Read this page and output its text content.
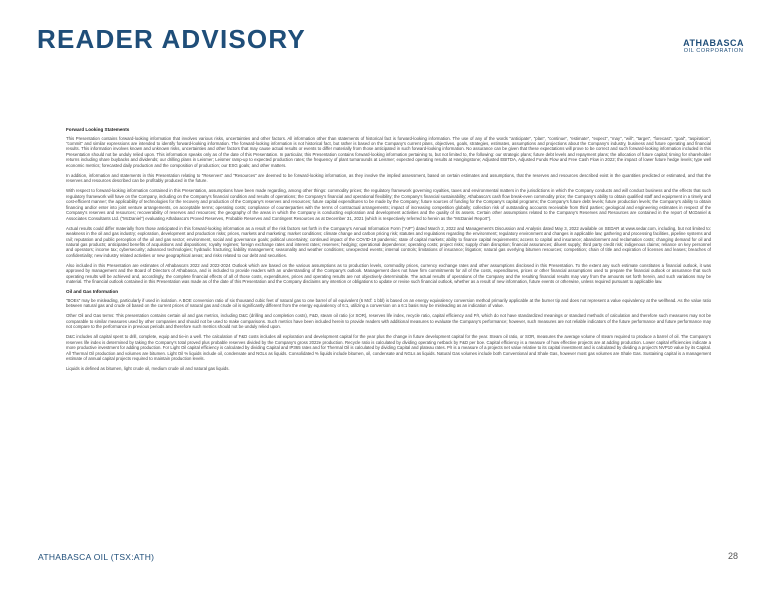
READER ADVISORY	ATHABASCA
OIL CORPORATION
Forward Looking Statements

This Presentation contains forward-looking information that involves various risks, uncertainties and other factors. All information other than statements of historical fact is forward-looking information. The use of any of the words "anticipate", "plan", "continue", "estimate", "expect", "may", "will", "target", "forecast", "goal", "aspiration", "commit" and similar expressions are intended to identify forward-looking information. The forward-looking information is not historical fact, but rather is based on the Company's current plans, objectives, goals, strategies, estimates, assumptions and projections about the Company's industry, business and future operating and financial results. This information involves known and unknown risks, uncertainties and other factors that may cause actual results or events to differ materially from those anticipated in such forward-looking information. No assurance can be given that these expectations will prove to be correct and such forward-looking information included in this Presentation should not be unduly relied upon. This information speaks only as of the date of this Presentation. In particular, this Presentation contains forward-looking information pertaining to, but not limited to, the following: our strategic plans; future debt levels and repayment plans; the allocation of future capital; timing for shareholder returns including share buybacks and dividends; our drilling plans in Leismer; Leismer ramp-up to expected production rates; the frequency of plant turnarounds at Leismer; expected operating results at Hangingstone; Adjusted EBITDA, Adjusted Funds Flow and Free Cash Flow in 2022; the impact of lower future hedge levels; type well economic metrics; forecasted daily production and the composition of production; our ESG goals; and other matters.

In addition, information and statements in this Presentation relating to "Reserves" and "Resources" are deemed to be forward-looking information, as they involve the implied assessment, based on certain estimates and assumptions, that the reserves and resources described exist in the quantities predicted or estimated, and that the reserves and resources described can be profitably produced in the future.

With respect to forward-looking information contained in this Presentation, assumptions have been made regarding, among other things: commodity prices; the regulatory framework governing royalties, taxes and environmental matters in the jurisdictions in which the Company conducts and will conduct business and the effects that such regulatory framework will have on the Company, including on the Company's financial condition and results of operations; the Company's financial and operational flexibility; the Company's financial sustainability; Athabasca's cash flow break-even commodity price; the Company's ability to obtain qualified staff and equipment in a timely and cost-efficient manner; the applicability of technologies for the recovery and production of the Company's reserves and resources; future capital expenditures to be made by the Company; future sources of funding for the Company's capital programs; the Company's future debt levels; future production levels; the Company's ability to obtain financing and/or enter into joint venture arrangements, on acceptable terms; operating costs; compliance of counterparties with the terms of contractual arrangements; impact of increasing competition globally; collection risk of outstanding accounts receivable from third parties; geological and engineering estimates in respect of the Company's reserves and resources; recoverability of reserves and resources; the geography of the areas in which the Company is conducting exploration and development activities and the quality of its assets. Certain other assumptions related to the Company's Reserves and Resources are contained in the report of McDaniel & Associates Consultants Ltd. ("McDaniel") evaluating Athabasca's Proved Reserves, Probable Reserves and Contingent Resources as at December 31, 2021 (which is respectively referred to herein as the "McDaniel Report").

Actual results could differ materially from those anticipated in this forward-looking information as a result of the risk factors set forth in the Company's Annual Information Form ("AIF") dated March 2, 2022 and Management's Discussion and Analysis dated May 3, 2022 available on SEDAR at www.sedar.com, including, but not limited to: weakness in the oil and gas industry; exploration, development and production risks; prices, markets and marketing; market conditions; climate change and carbon pricing risk; statutes and regulations regarding the environment; regulatory environment and changes in applicable law; gathering and processing facilities, pipeline systems and rail; reputation and public perception of the oil and gas sector; environment, social and governance goals; political uncertainty; continued impact of the COVID-19 pandemic; state of capital markets; ability to finance capital requirements; access to capital and insurance; abandonment and reclamation costs; changing demand for oil and natural gas products; anticipated benefits of acquisitions and dispositions; royalty regimes; foreign exchange rates and interest rates; reserves; hedging; operational dependence; operating costs; project risks; supply chain disruption; financial assurances; diluent supply; third party credit risk; indigenous claims; reliance on key personnel and operators; income tax; cybersecurity; advanced technologies; hydraulic fracturing; liability management; seasonality and weather conditions; unexpected events; internal controls; limitations of insurance; litigation; natural gas overlying bitumen resources; competition; chain of title and expiration of licenses and leases; breaches of confidentiality; new industry related activities or new geographical areas; and risks related to our debt and securities.

Also included in this Presentation are estimates of Athabasca's 2022 and 2022-2024 Outlook which are based on the various assumptions as to production levels, commodity prices, currency exchange rates and other assumptions disclosed in this Presentation. To the extent any such estimate constitutes a financial outlook, it was approved by management and the Board of Directors of Athabasca, and is included to provide readers with an understanding of the Company's outlook. Management does not have firm commitments for all of the costs, expenditures, prices or other financial assumptions used to prepare the financial outlook or assurance that such operating results will be achieved and, accordingly, the complete financial effects of all of those costs, expenditures, prices and operating results are not objectively determinable. The actual results of operations of the Company and the resulting financial results may vary from the amounts set forth herein, and such variations may be material. The financial outlook contained in this Presentation was made as of the date of this Presentation and the Company disclaims any intention or obligations to update or revise such financial outlook, whether as a result of new information, future events or otherwise, unless required pursuant to applicable law.

Oil and Gas Information

"BOEs" may be misleading, particularly if used in isolation. A BOE conversion ratio of six thousand cubic feet of natural gas to one barrel of oil equivalent (6 Mcf: 1 bbl) is based on an energy equivalency conversion method primarily applicable at the burner tip and does not represent a value equivalency at the wellhead. As the value ratio between natural gas and crude oil based on the current prices of natural gas and crude oil is significantly different from the energy equivalency of 6:1, utilizing a conversion on a 6:1 basis may be misleading as an indication of value.

Other Oil and Gas terms: This presentation contains certain oil and gas metrics, including D&C (drilling and completion costs), F&D, steam oil ratio (or SOR), reserves life index, recycle ratio, capital efficiency and P/I, which do not have standardized meanings or standard methods of calculation and therefore such measures may not be comparable to similar measures used by other companies and should not be used to make comparisons. Such metrics have been included herein to provide readers with additional measures to evaluate the Company's performance; however, such measures are not reliable indicators of the future performance and future performance may not compare to the performance in previous periods and therefore such metrics should not be unduly relied upon.

D&C includes all capital spent to drill, complete, equip and tie-in a well. The calculation of F&D costs includes all exploration and development capital for the year plus the change in future development capital for the year. Steam oil ratio, or SOR, measures the average volume of steam required to produce a barrel of oil. The Company's reserves life index is determined by taking the Company's total proved plus probable reserves divided by the Company's gross 2022e production. Recycle ratio is calculated by dividing operating netback by F&D per boe. Capital efficiency is a measure of how effective projects are at adding production. Lower capital efficiencies indicate a more productive investment for adding production. For Light Oil capital efficiency is calculated by dividing Capital and IP365 rates and for Thermal Oil is calculated by dividing Capital and plateau rates. P/I is a measure of a projects net value relative to its capital investment and is calculated by dividing a project's NVP10 value by its Capital. All Thermal Oil production and volumes are bitumen. Light Oil % liquids include oil, condensate and NGLs as liquids. Consolidated % liquids include bitumen, oil, condensate and NGLs as liquids. Natural Gas volumes include both Conventional and Shale Gas, however most gas volumes are Shale Gas. Sustaining capital is a management estimate of annual capital projects required to maintain production levels.

Liquids is defined as bitumen, light crude oil, medium crude oil and natural gas liquids.

ATHABASCA OIL (TSX:ATH)	28
